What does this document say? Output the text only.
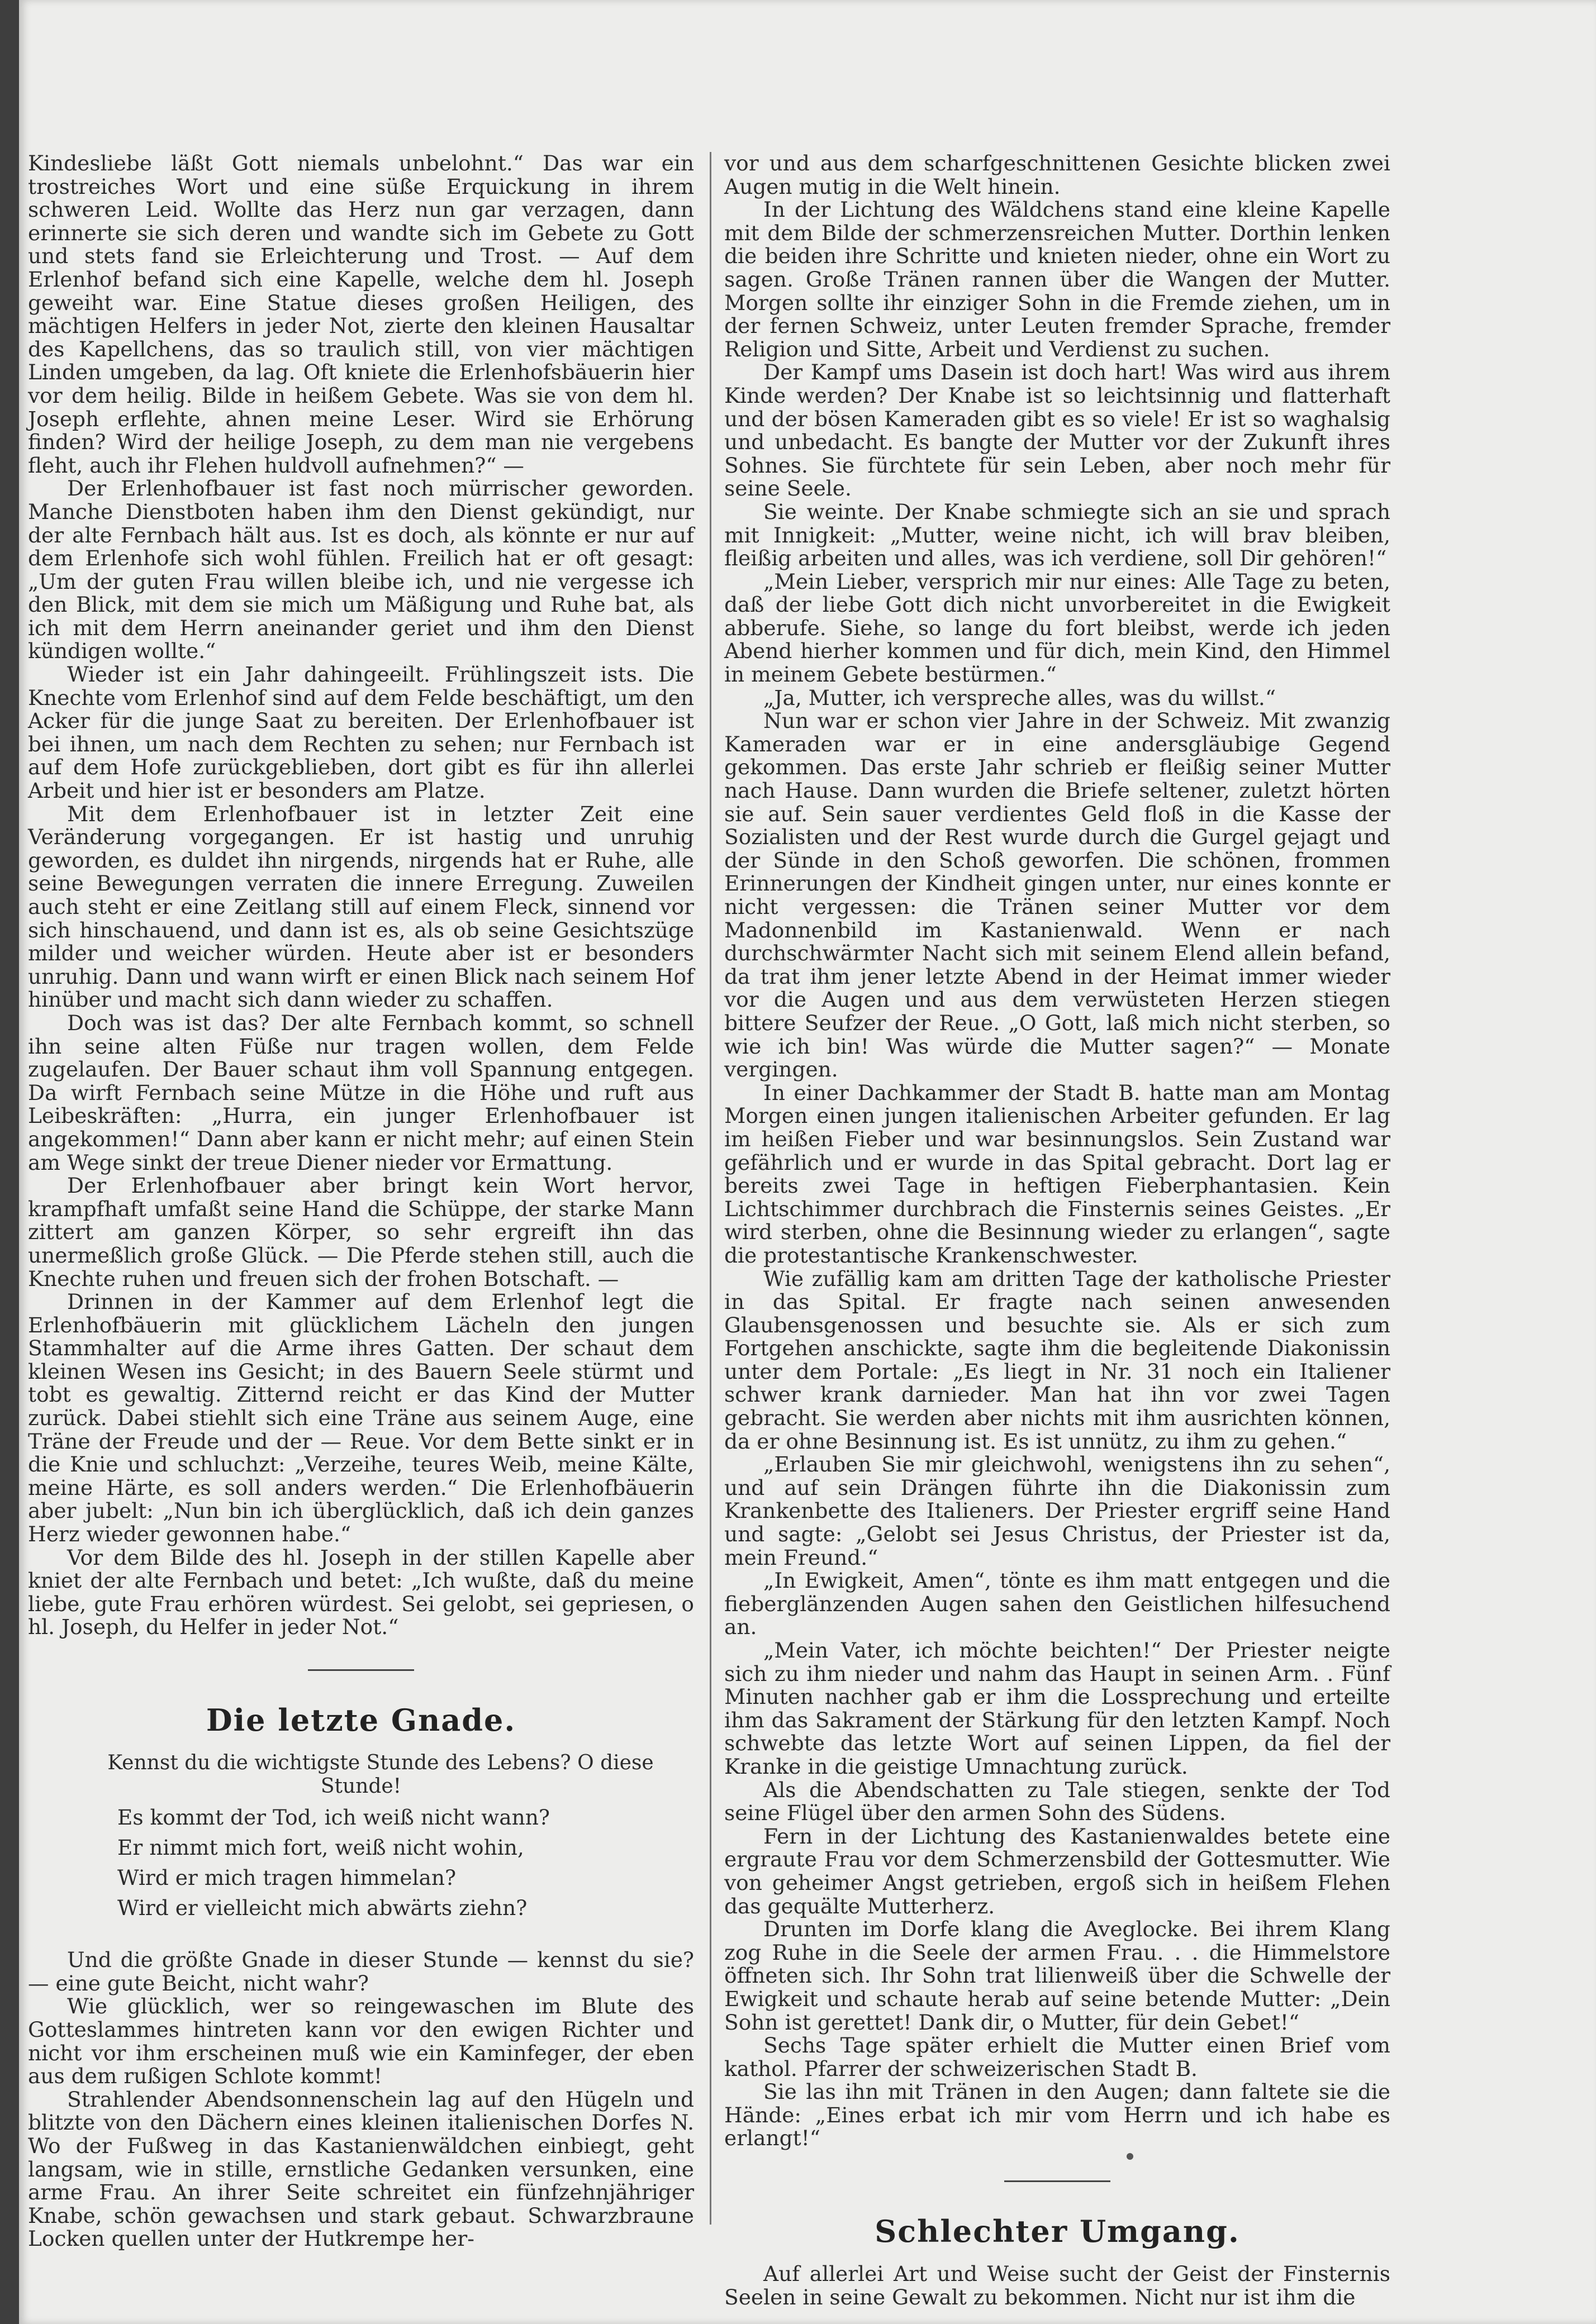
Kindesliebe läßt Gott niemals unbelohnt.“ Das war ein trostreiches Wort und eine süße Erquickung in ihrem schweren Leid. Wollte das Herz nun gar verzagen, dann erinnerte sie sich deren und wandte sich im Gebete zu Gott und stets fand sie Erleichterung und Trost. — Auf dem Erlenhof befand sich eine Kapelle, welche dem hl. Joseph geweiht war. Eine Statue dieses großen Heiligen, des mächtigen Helfers in jeder Not, zierte den kleinen Hausaltar des Kapellchens, das so traulich still, von vier mächtigen Linden umgeben, da lag. Oft kniete die Erlenhofsbäuerin hier vor dem heilig. Bilde in heißem Gebete. Was sie von dem hl. Joseph erflehte, ahnen meine Leser. Wird sie Erhörung finden? Wird der heilige Joseph, zu dem man nie vergebens fleht, auch ihr Flehen huldvoll aufnehmen?“ —

Der Erlenhofbauer ist fast noch mürrischer geworden. Manche Dienstboten haben ihm den Dienst gekündigt, nur der alte Fernbach hält aus. Ist es doch, als könnte er nur auf dem Erlenhofe sich wohl fühlen. Freilich hat er oft gesagt: „Um der guten Frau willen bleibe ich, und nie vergesse ich den Blick, mit dem sie mich um Mäßigung und Ruhe bat, als ich mit dem Herrn aneinander geriet und ihm den Dienst kündigen wollte.“

Wieder ist ein Jahr dahingeeilt. Frühlingszeit ists. Die Knechte vom Erlenhof sind auf dem Felde beschäftigt, um den Acker für die junge Saat zu bereiten. Der Erlenhofbauer ist bei ihnen, um nach dem Rechten zu sehen; nur Fernbach ist auf dem Hofe zurückgeblieben, dort gibt es für ihn allerlei Arbeit und hier ist er besonders am Platze.

Mit dem Erlenhofbauer ist in letzter Zeit eine Veränderung vorgegangen. Er ist hastig und unruhig geworden, es duldet ihn nirgends, nirgends hat er Ruhe, alle seine Bewegungen verraten die innere Erregung. Zuweilen auch steht er eine Zeitlang still auf einem Fleck, sinnend vor sich hinschauend, und dann ist es, als ob seine Gesichtszüge milder und weicher würden. Heute aber ist er besonders unruhig. Dann und wann wirft er einen Blick nach seinem Hof hinüber und macht sich dann wieder zu schaffen.

Doch was ist das? Der alte Fernbach kommt, so schnell ihn seine alten Füße nur tragen wollen, dem Felde zugelaufen. Der Bauer schaut ihm voll Spannung entgegen. Da wirft Fernbach seine Mütze in die Höhe und ruft aus Leibeskräften: „Hurra, ein junger Erlenhofbauer ist angekommen!“ Dann aber kann er nicht mehr; auf einen Stein am Wege sinkt der treue Diener nieder vor Ermattung.

Der Erlenhofbauer aber bringt kein Wort hervor, krampfhaft umfaßt seine Hand die Schüppe, der starke Mann zittert am ganzen Körper, so sehr ergreift ihn das unermeßlich große Glück. — Die Pferde stehen still, auch die Knechte ruhen und freuen sich der frohen Botschaft. —

Drinnen in der Kammer auf dem Erlenhof legt die Erlenhofbäuerin mit glücklichem Lächeln den jungen Stammhalter auf die Arme ihres Gatten. Der schaut dem kleinen Wesen ins Gesicht; in des Bauern Seele stürmt und tobt es gewaltig. Zitternd reicht er das Kind der Mutter zurück. Dabei stiehlt sich eine Träne aus seinem Auge, eine Träne der Freude und der — Reue. Vor dem Bette sinkt er in die Knie und schluchzt: „Verzeihe, teures Weib, meine Kälte, meine Härte, es soll anders werden.“ Die Erlenhofbäuerin aber jubelt: „Nun bin ich überglücklich, daß ich dein ganzes Herz wieder gewonnen habe.“

Vor dem Bilde des hl. Joseph in der stillen Kapelle aber kniet der alte Fernbach und betet: „Ich wußte, daß du meine liebe, gute Frau erhören würdest. Sei gelobt, sei gepriesen, o hl. Joseph, du Helfer in jeder Not.“

Die letzte Gnade.

Kennst du die wichtigste Stunde des Lebens? O diese Stunde!

Es kommt der Tod, ich weiß nicht wann?
Er nimmt mich fort, weiß nicht wohin,
Wird er mich tragen himmelan?
Wird er vielleicht mich abwärts ziehn?

Und die größte Gnade in dieser Stunde — kennst du sie? — eine gute Beicht, nicht wahr?

Wie glücklich, wer so reingewaschen im Blute des Gotteslammes hintreten kann vor den ewigen Richter und nicht vor ihm erscheinen muß wie ein Kaminfeger, der eben aus dem rußigen Schlote kommt!

Strahlender Abendsonnenschein lag auf den Hügeln und blitzte von den Dächern eines kleinen italienischen Dorfes N. Wo der Fußweg in das Kastanienwäldchen einbiegt, geht langsam, wie in stille, ernstliche Gedanken versunken, eine arme Frau. An ihrer Seite schreitet ein fünfzehnjähriger Knabe, schön gewachsen und stark gebaut. Schwarzbraune Locken quellen unter der Hutkrempe her-

vor und aus dem scharfgeschnittenen Gesichte blicken zwei Augen mutig in die Welt hinein.

In der Lichtung des Wäldchens stand eine kleine Kapelle mit dem Bilde der schmerzensreichen Mutter. Dorthin lenken die beiden ihre Schritte und knieten nieder, ohne ein Wort zu sagen. Große Tränen rannen über die Wangen der Mutter. Morgen sollte ihr einziger Sohn in die Fremde ziehen, um in der fernen Schweiz, unter Leuten fremder Sprache, fremder Religion und Sitte, Arbeit und Verdienst zu suchen.

Der Kampf ums Dasein ist doch hart! Was wird aus ihrem Kinde werden? Der Knabe ist so leichtsinnig und flatterhaft und der bösen Kameraden gibt es so viele! Er ist so waghalsig und unbedacht. Es bangte der Mutter vor der Zukunft ihres Sohnes. Sie fürchtete für sein Leben, aber noch mehr für seine Seele.

Sie weinte. Der Knabe schmiegte sich an sie und sprach mit Innigkeit: „Mutter, weine nicht, ich will brav bleiben, fleißig arbeiten und alles, was ich verdiene, soll Dir gehören!“

„Mein Lieber, versprich mir nur eines: Alle Tage zu beten, daß der liebe Gott dich nicht unvorbereitet in die Ewigkeit abberufe. Siehe, so lange du fort bleibst, werde ich jeden Abend hierher kommen und für dich, mein Kind, den Himmel in meinem Gebete bestürmen.“

„Ja, Mutter, ich verspreche alles, was du willst.“

Nun war er schon vier Jahre in der Schweiz. Mit zwanzig Kameraden war er in eine andersgläubige Gegend gekommen. Das erste Jahr schrieb er fleißig seiner Mutter nach Hause. Dann wurden die Briefe seltener, zuletzt hörten sie auf. Sein sauer verdientes Geld floß in die Kasse der Sozialisten und der Rest wurde durch die Gurgel gejagt und der Sünde in den Schoß geworfen. Die schönen, frommen Erinnerungen der Kindheit gingen unter, nur eines konnte er nicht vergessen: die Tränen seiner Mutter vor dem Madonnenbild im Kastanienwald. Wenn er nach durchschwärmter Nacht sich mit seinem Elend allein befand, da trat ihm jener letzte Abend in der Heimat immer wieder vor die Augen und aus dem verwüsteten Herzen stiegen bittere Seufzer der Reue. „O Gott, laß mich nicht sterben, so wie ich bin! Was würde die Mutter sagen?“ — Monate vergingen.

In einer Dachkammer der Stadt B. hatte man am Montag Morgen einen jungen italienischen Arbeiter gefunden. Er lag im heißen Fieber und war besinnungslos. Sein Zustand war gefährlich und er wurde in das Spital gebracht. Dort lag er bereits zwei Tage in heftigen Fieberphantasien. Kein Lichtschimmer durchbrach die Finsternis seines Geistes. „Er wird sterben, ohne die Besinnung wieder zu erlangen“, sagte die protestantische Krankenschwester.

Wie zufällig kam am dritten Tage der katholische Priester in das Spital. Er fragte nach seinen anwesenden Glaubensgenossen und besuchte sie. Als er sich zum Fortgehen anschickte, sagte ihm die begleitende Diakonissin unter dem Portale: „Es liegt in Nr. 31 noch ein Italiener schwer krank darnieder. Man hat ihn vor zwei Tagen gebracht. Sie werden aber nichts mit ihm ausrichten können, da er ohne Besinnung ist. Es ist unnütz, zu ihm zu gehen.“

„Erlauben Sie mir gleichwohl, wenigstens ihn zu sehen“, und auf sein Drängen führte ihn die Diakonissin zum Krankenbette des Italieners. Der Priester ergriff seine Hand und sagte: „Gelobt sei Jesus Christus, der Priester ist da, mein Freund.“

„In Ewigkeit, Amen“, tönte es ihm matt entgegen und die fieberglänzenden Augen sahen den Geistlichen hilfesuchend an.

„Mein Vater, ich möchte beichten!“ Der Priester neigte sich zu ihm nieder und nahm das Haupt in seinen Arm. . Fünf Minuten nachher gab er ihm die Lossprechung und erteilte ihm das Sakrament der Stärkung für den letzten Kampf. Noch schwebte das letzte Wort auf seinen Lippen, da fiel der Kranke in die geistige Umnachtung zurück.

Als die Abendschatten zu Tale stiegen, senkte der Tod seine Flügel über den armen Sohn des Südens.

Fern in der Lichtung des Kastanienwaldes betete eine ergraute Frau vor dem Schmerzensbild der Gottesmutter. Wie von geheimer Angst getrieben, ergoß sich in heißem Flehen das gequälte Mutterherz.

Drunten im Dorfe klang die Aveglocke. Bei ihrem Klang zog Ruhe in die Seele der armen Frau. . . die Himmelstore öffneten sich. Ihr Sohn trat lilienweiß über die Schwelle der Ewigkeit und schaute herab auf seine betende Mutter: „Dein Sohn ist gerettet! Dank dir, o Mutter, für dein Gebet!“

Sechs Tage später erhielt die Mutter einen Brief vom kathol. Pfarrer der schweizerischen Stadt B.

Sie las ihn mit Tränen in den Augen; dann faltete sie die Hände: „Eines erbat ich mir vom Herrn und ich habe es erlangt!“

Schlechter Umgang.

Auf allerlei Art und Weise sucht der Geist der Finsternis Seelen in seine Gewalt zu bekommen. Nicht nur ist ihm die
